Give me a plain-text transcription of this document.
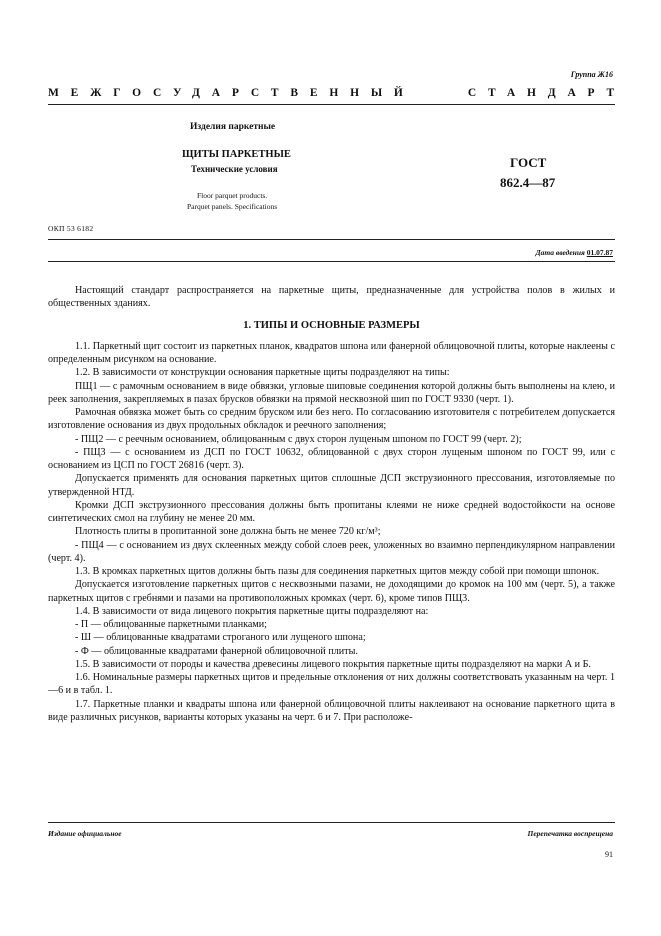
Группа Ж16
МЕЖГОСУДАРСТВЕННЫЙ	СТАНДАРТ
Изделия паркетные
ЩИТЫ ПАРКЕТНЫЕ
Технические условия
Floor parquet products.
Parquet panels. Specifications
ГОСТ
862.4—87
ОКП 53 6182
Дата введения 01.07.87

Настоящий стандарт распространяется на паркетные щиты, предназначенные для устройства полов в жилых и общественных зданиях.

1. ТИПЫ И ОСНОВНЫЕ РАЗМЕРЫ

1.1. Паркетный щит состоит из паркетных планок, квадратов шпона или фанерной облицовочной плиты, которые наклеены с определенным рисунком на основание.

1.2. В зависимости от конструкции основания паркетные щиты подразделяют на типы:

ПЩ1 — с рамочным основанием в виде обвязки, угловые шиповые соединения которой должны быть выполнены на клею, и реек заполнения, закрепляемых в пазах брусков обвязки на прямой несквозной шип по ГОСТ 9330 (черт. 1).

Рамочная обвязка может быть со средним бруском или без него. По согласованию изготовителя с потребителем допускается изготовление основания из двух продольных обкладок и реечного заполнения;

- ПЩ2 — с реечным основанием, облицованным с двух сторон лущеным шпоном по ГОСТ 99 (черт. 2);

- ПЩ3 — с основанием из ДСП по ГОСТ 10632, облицованной с двух сторон лущеным шпоном по ГОСТ 99, или с основанием из ЦСП по ГОСТ 26816 (черт. 3).

Допускается применять для основания паркетных щитов сплошные ДСП экструзионного прессования, изготовляемые по утвержденной НТД.

Кромки ДСП экструзионного прессования должны быть пропитаны клеями не ниже средней водостойкости на основе синтетических смол на глубину не менее 20 мм.

Плотность плиты в пропитанной зоне должна быть не менее 720 кг/м³;

- ПЩ4 — с основанием из двух склеенных между собой слоев реек, уложенных во взаимно перпендикулярном направлении (черт. 4).

1.3. В кромках паркетных щитов должны быть пазы для соединения паркетных щитов между собой при помощи шпонок.

Допускается изготовление паркетных щитов с несквозными пазами, не доходящими до кромок на 100 мм (черт. 5), а также паркетных щитов с гребнями и пазами на противоположных кромках (черт. 6), кроме типов ПЩ3.

1.4. В зависимости от вида лицевого покрытия паркетные щиты подразделяют на:

- П — облицованные паркетными планками;

- Ш — облицованные квадратами строганого или лущеного шпона;

- Ф — облицованные квадратами фанерной облицовочной плиты.

1.5. В зависимости от породы и качества древесины лицевого покрытия паркетные щиты подразделяют на марки А и Б.

1.6. Номинальные размеры паркетных щитов и предельные отклонения от них должны соответствовать указанным на черт. 1—6 и в табл. 1.

1.7. Паркетные планки и квадраты шпона или фанерной облицовочной плиты наклеивают на основание паркетного щита в виде различных рисунков, варианты которых указаны на черт. 6 и 7. При расположе-

Издание официальное	Перепечатка воспрещена
91
